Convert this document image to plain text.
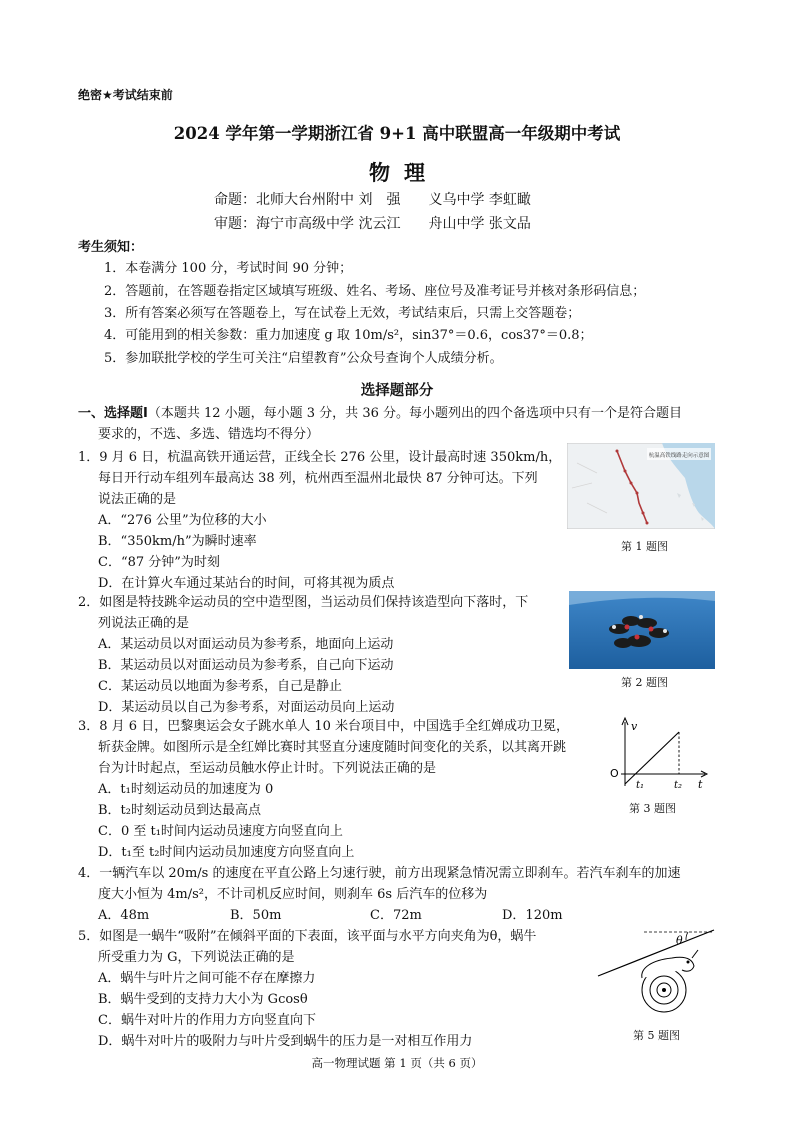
绝密★考试结束前
2024 学年第一学期浙江省 9+1 高中联盟高一年级期中考试
物理
命题：北师大台州附中 刘　强　　义乌中学 李虹瞰
审题：海宁市高级中学 沈云江　　舟山中学 张文品
考生须知：
1．本卷满分 100 分，考试时间 90 分钟；
2．答题前，在答题卷指定区域填写班级、姓名、考场、座位号及准考证号并核对条形码信息；
3．所有答案必须写在答题卷上，写在试卷上无效，考试结束后，只需上交答题卷；
4．可能用到的相关参数：重力加速度 g 取 10m/s²，sin37°＝0.6，cos37°＝0.8；
5．参加联批学校的学生可关注“启望教育”公众号查询个人成绩分析。
选择题部分
一、选择题Ⅰ（本题共 12 小题，每小题 3 分，共 36 分。每小题列出的四个备选项中只有一个是符合题目
要求的，不选、多选、错选均不得分）
1．9 月 6 日，杭温高铁开通运营，正线全长 276 公里，设计最高时速 350km/h，
每日开行动车组列车最高达 38 列，杭州西至温州北最快 87 分钟可达。下列
说法正确的是
A．“276 公里”为位移的大小
B．“350km/h”为瞬时速率
C．“87 分钟”为时刻
D．在计算火车通过某站台的时间，可将其视为质点
杭温高铁线路走向示意图
第 1 题图
2．如图是特技跳伞运动员的空中造型图，当运动员们保持该造型向下落时，下
列说法正确的是
A．某运动员以对面运动员为参考系，地面向上运动
B．某运动员以对面运动员为参考系，自己向下运动
C．某运动员以地面为参考系，自己是静止
D．某运动员以自己为参考系，对面运动员向上运动
第 2 题图
3．8 月 6 日，巴黎奥运会女子跳水单人 10 米台项目中，中国选手全红婵成功卫冕，
斩获金牌。如图所示是全红婵比赛时其竖直分速度随时间变化的关系，以其离开跳
台为计时起点，至运动员触水停止计时。下列说法正确的是
A．t₁时刻运动员的加速度为 0
B．t₂时刻运动员到达最高点
C．0 至 t₁时间内运动员速度方向竖直向上
D．t₁至 t₂时间内运动员加速度方向竖直向上
v
O
t₁	t₂ t
第 3 题图
4．一辆汽车以 20m/s 的速度在平直公路上匀速行驶，前方出现紧急情况需立即刹车。若汽车刹车的加速
度大小恒为 4m/s²，不计司机反应时间，则刹车 6s 后汽车的位移为
A．48m	B．50m	C．72m	D．120m
5．如图是一蜗牛“吸附”在倾斜平面的下表面，该平面与水平方向夹角为θ，蜗牛
所受重力为 G，下列说法正确的是
A．蜗牛与叶片之间可能不存在摩擦力
B．蜗牛受到的支持力大小为 Gcosθ
C．蜗牛对叶片的作用力方向竖直向下
D．蜗牛对叶片的吸附力与叶片受到蜗牛的压力是一对相互作用力
θ
第 5 题图
高一物理试题 第 1 页（共 6 页）
